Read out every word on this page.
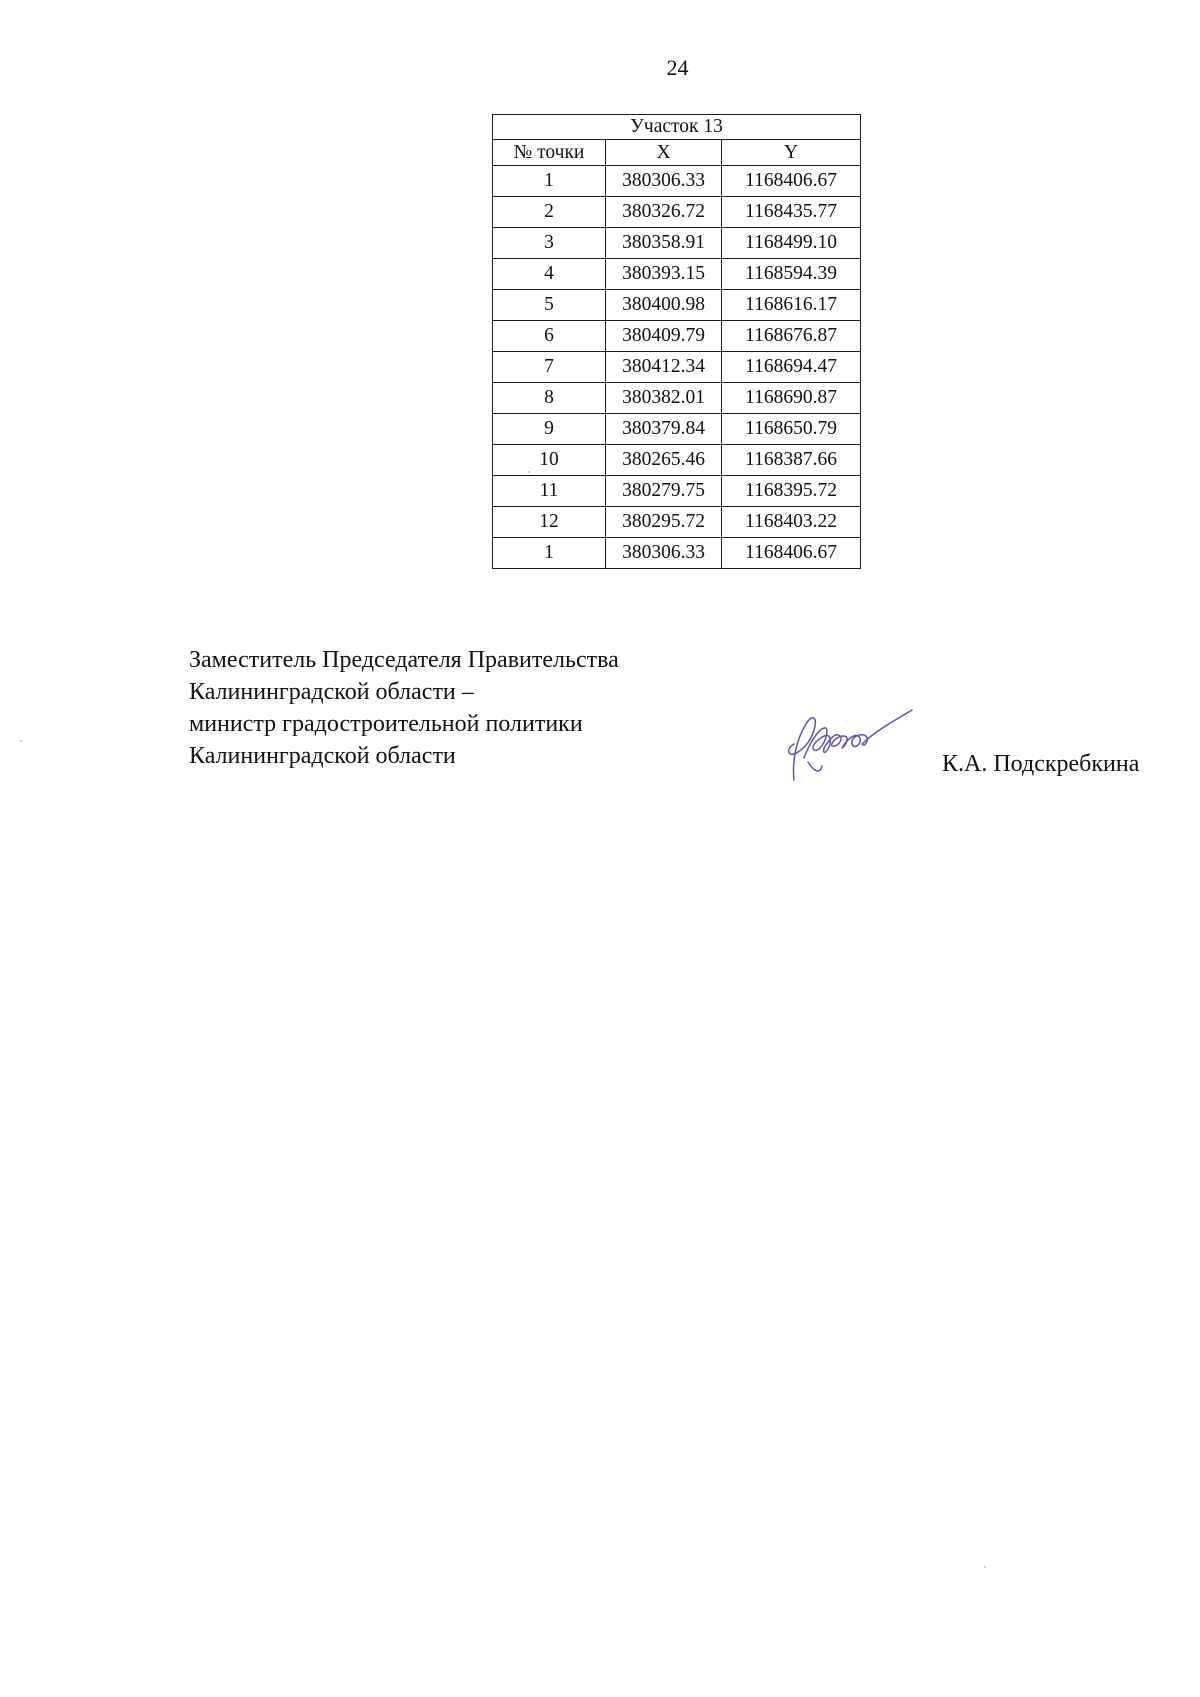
24
Участок 13		
№ точки	X	Y
1	380306.33	1168406.67
2	380326.72	1168435.77
3	380358.91	1168499.10
4	380393.15	1168594.39
5	380400.98	1168616.17
6	380409.79	1168676.87
7	380412.34	1168694.47
8	380382.01	1168690.87
9	380379.84	1168650.79
10	380265.46	1168387.66
11	380279.75	1168395.72
12	380295.72	1168403.22
1	380306.33	1168406.67
Заместитель Председателя Правительства
Калининградской области –
министр градостроительной политики
Калининградской области	К.А. Подскребкина
